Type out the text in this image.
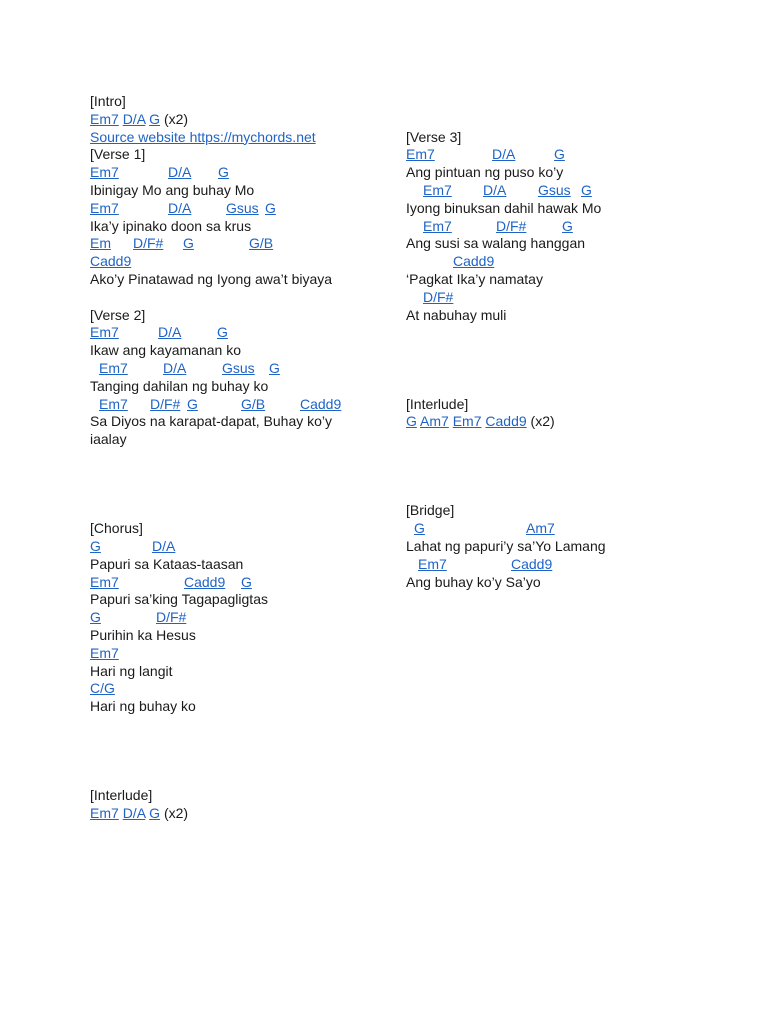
[Intro]
Em7 D/A G (x2)
Source website https://mychords.net
[Verse 1]

Em7

	D/A

G

Ibinigay Mo ang buhay Mo

Em7

	D/A

Gsus

G

Ika’y ipinako doon sa krus

Em

D/F#

G

	G/B

Cadd9

Ako’y Pinatawad ng Iyong awa’t biyaya
[Verse 2]

Em7

	D/A

	G

Ikaw ang kayamanan ko

Em7

	D/A

	Gsus

G

Tanging dahilan ng buhay ko

Em7

D/F#

G

	G/B

Cadd9

Sa Diyos na karapat-dapat, Buhay ko’y iaalay
[Chorus]

G

	D/A

Papuri sa Kataas-taasan

Em7

	Cadd9

G

Papuri sa’king Tagapagligtas

G

	D/F#

Purihin ka Hesus

Em7

Hari ng langit

C/G

Hari ng buhay ko
[Interlude]
Em7 D/A G (x2)
[Verse 3]

Em7

	D/A

	G

Ang pintuan ng puso ko’y

Em7

D/A

Gsus

G

Iyong binuksan dahil hawak Mo

Em7

	D/F#

	G

Ang susi sa walang hanggan

Cadd9

‘Pagkat Ika’y namatay

D/F#

At nabuhay muli
[Interlude]
G Am7 Em7 Cadd9 (x2)
[Bridge]

G

	Am7

Lahat ng papuri’y sa’Yo Lamang

Em7

	Cadd9

Ang buhay ko’y Sa’yo
